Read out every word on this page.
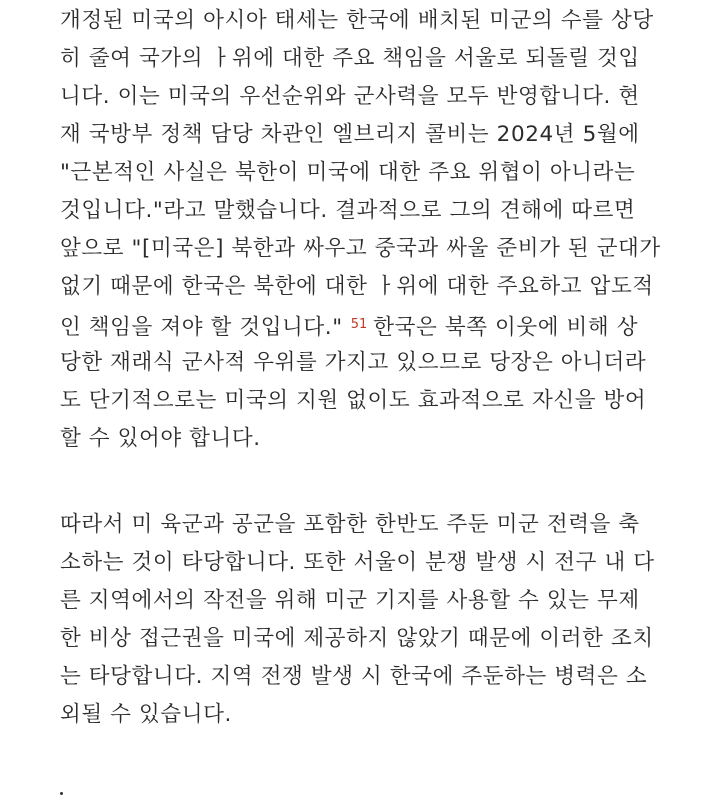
개정된 미국의 아시아 태세는 한국에 배치된 미군의 수를 상당
히 줄여 국가의 ㅏ위에 대한 주요 책임을 서울로 되돌릴 것입
니다. 이는 미국의 우선순위와 군사력을 모두 반영합니다. 현
재 국방부 정책 담당 차관인 엘브리지 콜비는 2024년 5월에
"근본적인 사실은 북한이 미국에 대한 주요 위협이 아니라는
것입니다."라고 말했습니다. 결과적으로 그의 견해에 따르면
앞으로 "[미국은] 북한과 싸우고 중국과 싸울 준비가 된 군대가
없기 때문에 한국은 북한에 대한 ㅏ위에 대한 주요하고 압도적
인 책임을 져야 할 것입니다." $^{51}$ 한국은 북쪽 이웃에 비해 상
당한 재래식 군사적 우위를 가지고 있으므로 당장은 아니더라
도 단기적으로는 미국의 지원 없이도 효과적으로 자신을 방어
할 수 있어야 합니다.
따라서 미 육군과 공군을 포함한 한반도 주둔 미군 전력을 축
소하는 것이 타당합니다. 또한 서울이 분쟁 발생 시 전구 내 다
른 지역에서의 작전을 위해 미군 기지를 사용할 수 있는 무제
한 비상 접근권을 미국에 제공하지 않았기 때문에 이러한 조치
는 타당합니다. 지역 전쟁 발생 시 한국에 주둔하는 병력은 소
외될 수 있습니다.
